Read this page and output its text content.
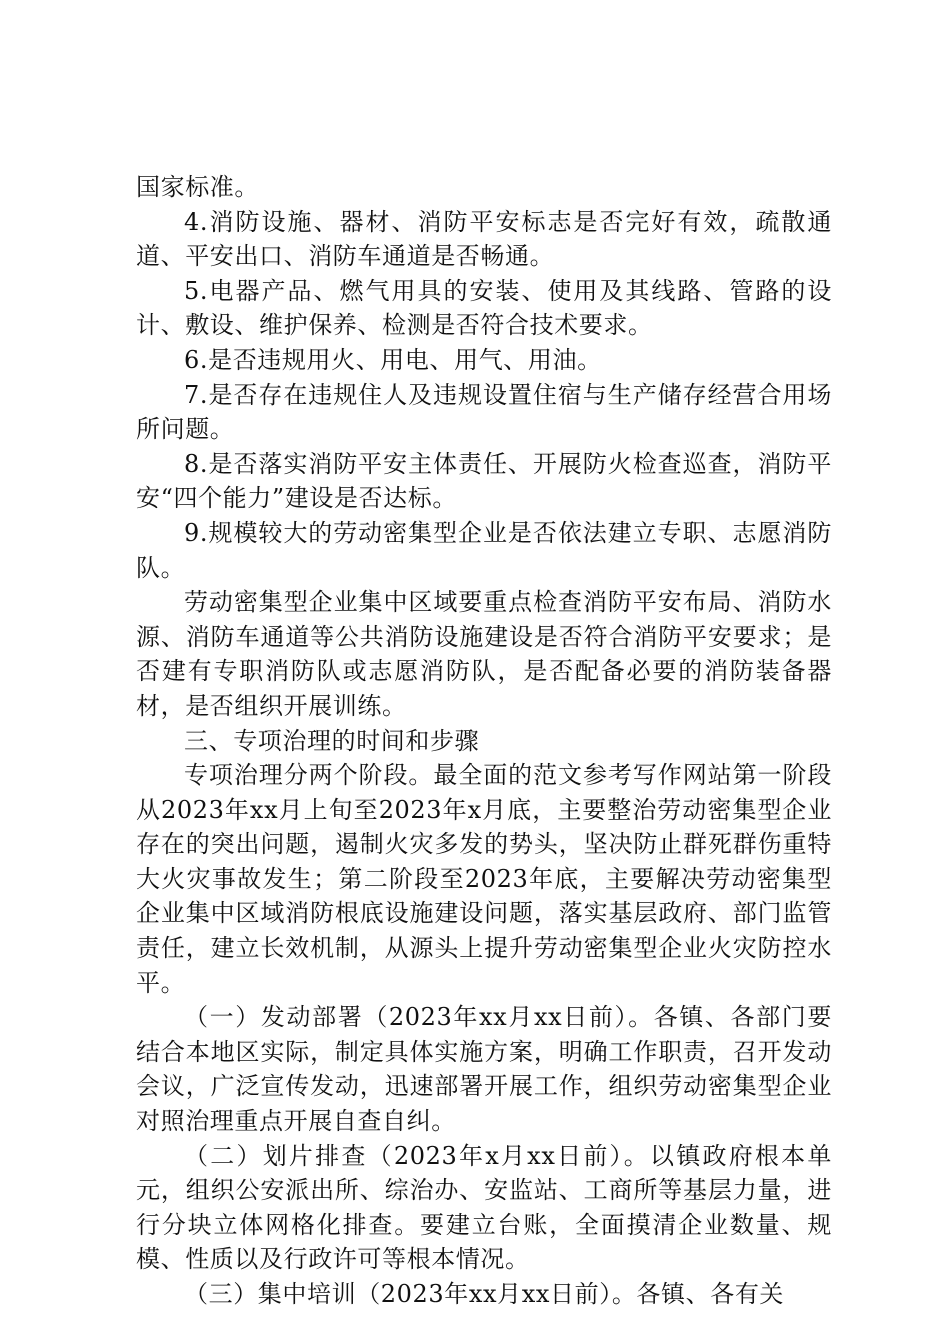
国家标准。

4.消防设施、器材、消防平安标志是否完好有效，疏散通道、平安出口、消防车通道是否畅通。

5.电器产品、燃气用具的安装、使用及其线路、管路的设计、敷设、维护保养、检测是否符合技术要求。

6.是否违规用火、用电、用气、用油。

7.是否存在违规住人及违规设置住宿与生产储存经营合用场所问题。

8.是否落实消防平安主体责任、开展防火检查巡查，消防平安“四个能力”建设是否达标。

9.规模较大的劳动密集型企业是否依法建立专职、志愿消防队。

劳动密集型企业集中区域要重点检查消防平安布局、消防水源、消防车通道等公共消防设施建设是否符合消防平安要求；是否建有专职消防队或志愿消防队，是否配备必要的消防装备器材，是否组织开展训练。

三、专项治理的时间和步骤

专项治理分两个阶段。最全面的范文参考写作网站第一阶段从2023年xx月上旬至2023年x月底，主要整治劳动密集型企业存在的突出问题，遏制火灾多发的势头，坚决防止群死群伤重特大火灾事故发生；第二阶段至2023年底，主要解决劳动密集型企业集中区域消防根底设施建设问题，落实基层政府、部门监管责任，建立长效机制，从源头上提升劳动密集型企业火灾防控水平。

（一）发动部署（2023年xx月xx日前）。各镇、各部门要结合本地区实际，制定具体实施方案，明确工作职责，召开发动会议，广泛宣传发动，迅速部署开展工作，组织劳动密集型企业对照治理重点开展自查自纠。

（二）划片排查（2023年x月xx日前）。以镇政府根本单元，组织公安派出所、综治办、安监站、工商所等基层力量，进行分块立体网格化排查。要建立台账，全面摸清企业数量、规模、性质以及行政许可等根本情况。

（三）集中培训（2023年xx月xx日前）。各镇、各有关
